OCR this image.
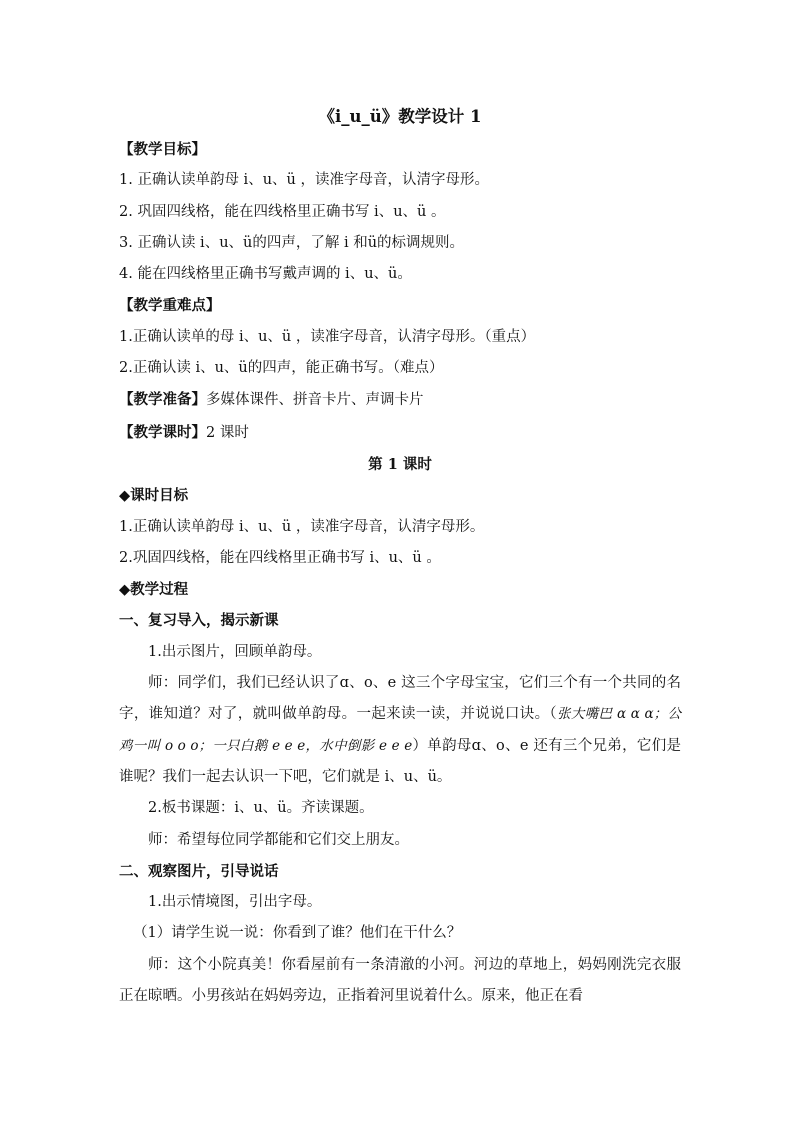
《i_u_ü》教学设计 1

【教学目标】

1. 正确认读单韵母 i、u、ü ，读准字母音，认清字母形。

2. 巩固四线格，能在四线格里正确书写 i、u、ü 。

3. 正确认读 i、u、ü的四声，了解 i 和ü的标调规则。

4. 能在四线格里正确书写戴声调的 i、u、ü。

【教学重难点】

1.正确认读单的母 i、u、ü ，读准字母音，认清字母形。（重点）

2.正确认读 i、u、ü的四声，能正确书写。（难点）

【教学准备】多媒体课件、拼音卡片、声调卡片

【教学课时】2 课时

第 1 课时

◆课时目标

1.正确认读单韵母 i、u、ü ，读准字母音，认清字母形。

2.巩固四线格，能在四线格里正确书写 i、u、ü 。

◆教学过程

一、复习导入，揭示新课

1.出示图片，回顾单韵母。

师：同学们，我们已经认识了ɑ、o、e 这三个字母宝宝，它们三个有一个共同的名字，谁知道？对了，就叫做单韵母。一起来读一读，并说说口诀。（张大嘴巴 ɑ ɑ ɑ；公鸡一叫 o o o；一只白鹅 e e e，水中倒影 e e e）单韵母ɑ、o、e 还有三个兄弟，它们是谁呢？我们一起去认识一下吧，它们就是 i、u、ü。

2.板书课题：i、u、ü。齐读课题。

师：希望每位同学都能和它们交上朋友。

二、观察图片，引导说话

1.出示情境图，引出字母。

（1）请学生说一说：你看到了谁？他们在干什么？

师：这个小院真美！你看屋前有一条清澈的小河。河边的草地上，妈妈刚洗完衣服正在晾晒。小男孩站在妈妈旁边，正指着河里说着什么。原来，他正在看
